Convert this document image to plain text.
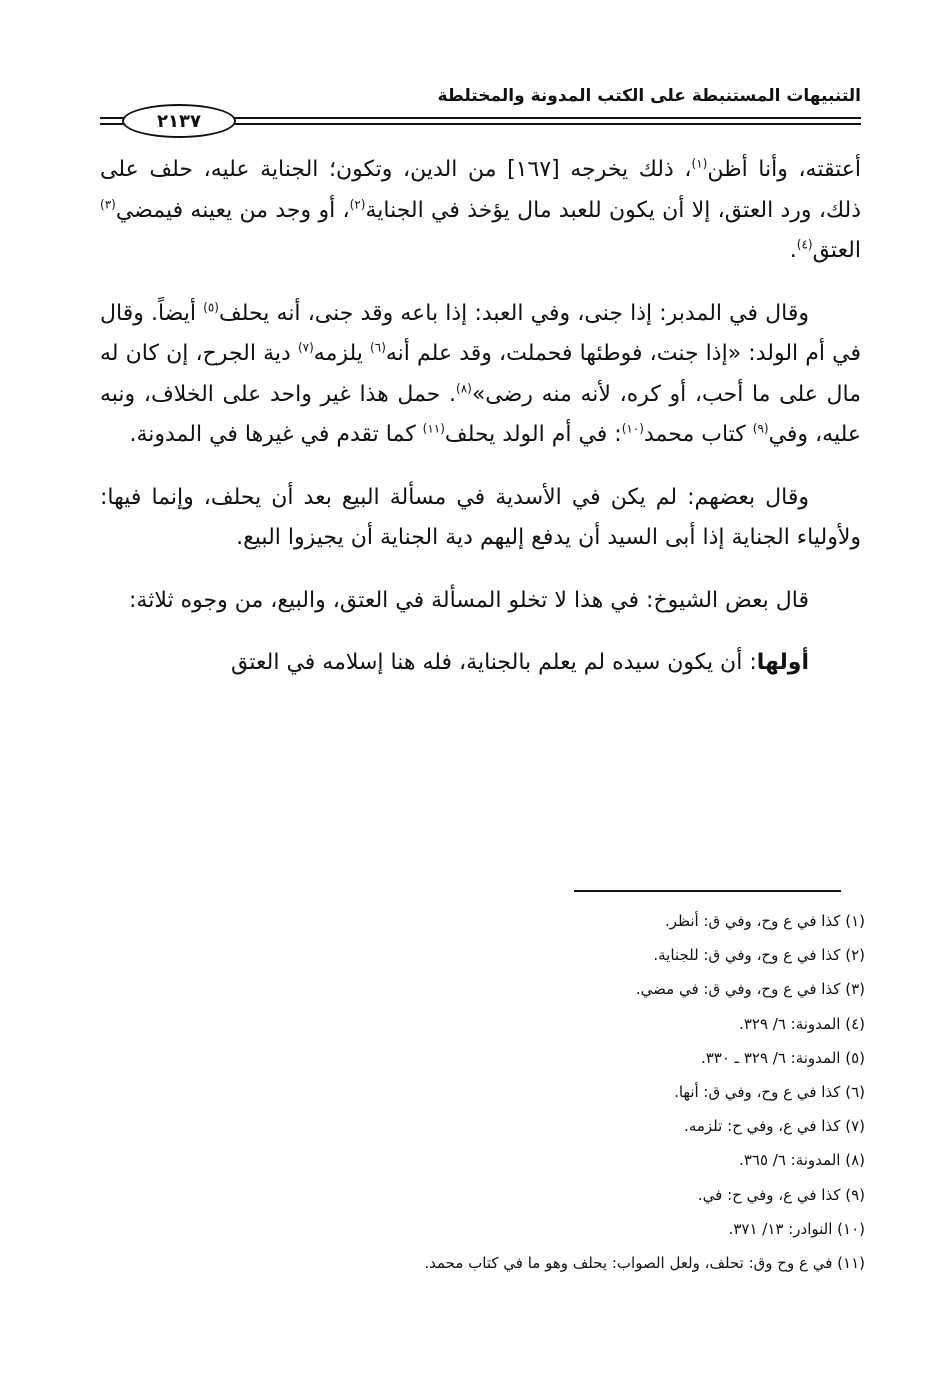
التنبيهات المستنبطة على الكتب المدونة والمختلطة
٢١٣٧

أعتقته، وأنا أظن$^{(١)}$، ذلك يخرجه [١٦٧] من الدين، وتكون؛ الجناية عليه، حلف على ذلك، ورد العتق، إلا أن يكون للعبد مال يؤخذ في الجناية$^{(٢)}$، أو وجد من يعينه فيمضي$^{(٣)}$ العتق$^{(٤)}$.

وقال في المدبر: إذا جنى، وفي العبد: إذا باعه وقد جنى، أنه يحلف$^{(٥)}$ أيضاً. وقال في أم الولد: «إذا جنت، فوطئها فحملت، وقد علم أنه$^{(٦)}$ يلزمه$^{(٧)}$ دية الجرح، إن كان له مال على ما أحب، أو كره، لأنه منه رضى»$^{(٨)}$. حمل هذا غير واحد على الخلاف، ونبه عليه، وفي$^{(٩)}$ كتاب محمد$^{(١٠)}$: في أم الولد يحلف$^{(١١)}$ كما تقدم في غيرها في المدونة.

وقال بعضهم: لم يكن في الأسدية في مسألة البيع بعد أن يحلف، وإنما فيها: ولأولياء الجناية إذا أبى السيد أن يدفع إليهم دية الجناية أن يجيزوا البيع.

قال بعض الشيوخ: في هذا لا تخلو المسألة في العتق، والبيع، من وجوه ثلاثة:

أولها: أن يكون سيده لم يعلم بالجناية، فله هنا إسلامه في العتق

(١) كذا في ع وح، وفي ق: أنظر.
(٢) كذا في ع وح، وفي ق: للجناية.
(٣) كذا في ع وح، وفي ق: في مضي.
(٤) المدونة: ٦/ ٣٢٩.
(٥) المدونة: ٦/ ٣٢٩ ـ ٣٣٠.
(٦) كذا في ع وح، وفي ق: أنها.
(٧) كذا في ع، وفي ح: تلزمه.
(٨) المدونة: ٦/ ٣٦٥.
(٩) كذا في ع، وفي ح: في.
(١٠) النوادر: ١٣/ ٣٧١.
(١١) في ع وح وق: تحلف، ولعل الصواب: يحلف وهو ما في كتاب محمد.
